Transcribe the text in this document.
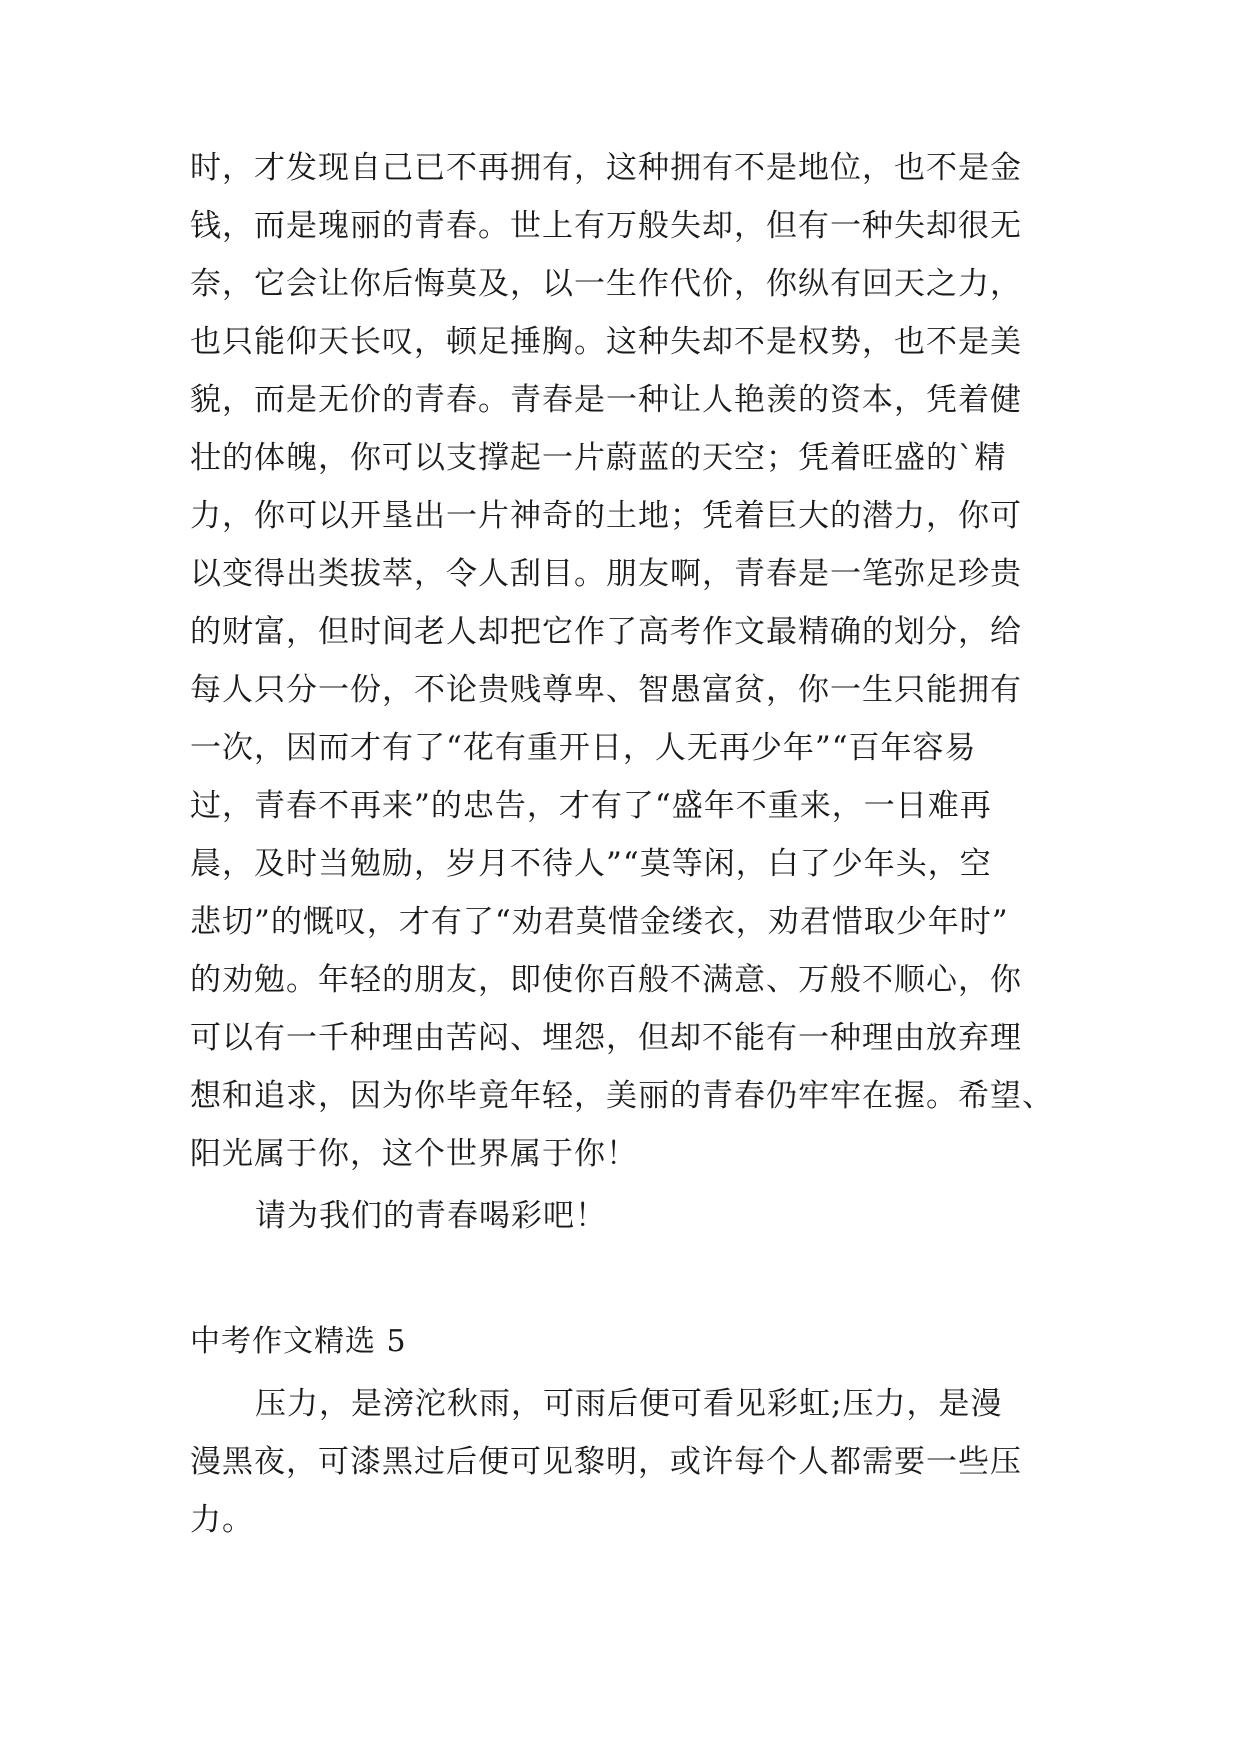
时，才发现自己已不再拥有，这种拥有不是地位，也不是金

钱，而是瑰丽的青春。世上有万般失却，但有一种失却很无

奈，它会让你后悔莫及，以一生作代价，你纵有回天之力，

也只能仰天长叹，顿足捶胸。这种失却不是权势，也不是美

貌，而是无价的青春。青春是一种让人艳羡的资本，凭着健

壮的体魄，你可以支撑起一片蔚蓝的天空；凭着旺盛的`精

力，你可以开垦出一片神奇的土地；凭着巨大的潜力，你可

以变得出类拔萃，令人刮目。朋友啊，青春是一笔弥足珍贵

的财富，但时间老人却把它作了高考作文最精确的划分，给

每人只分一份，不论贵贱尊卑、智愚富贫，你一生只能拥有

一次，因而才有了“花有重开日，人无再少年”“百年容易

过，青春不再来”的忠告，才有了“盛年不重来，一日难再

晨，及时当勉励，岁月不待人”“莫等闲，白了少年头，空

悲切”的慨叹，才有了“劝君莫惜金缕衣，劝君惜取少年时”

的劝勉。年轻的朋友，即使你百般不满意、万般不顺心，你

可以有一千种理由苦闷、埋怨，但却不能有一种理由放弃理

想和追求，因为你毕竟年轻，美丽的青春仍牢牢在握。希望、

阳光属于你，这个世界属于你！

请为我们的青春喝彩吧！

中考作文精选 5

压力，是滂沱秋雨，可雨后便可看见彩虹;压力，是漫

漫黑夜，可漆黑过后便可见黎明，或许每个人都需要一些压

力。
